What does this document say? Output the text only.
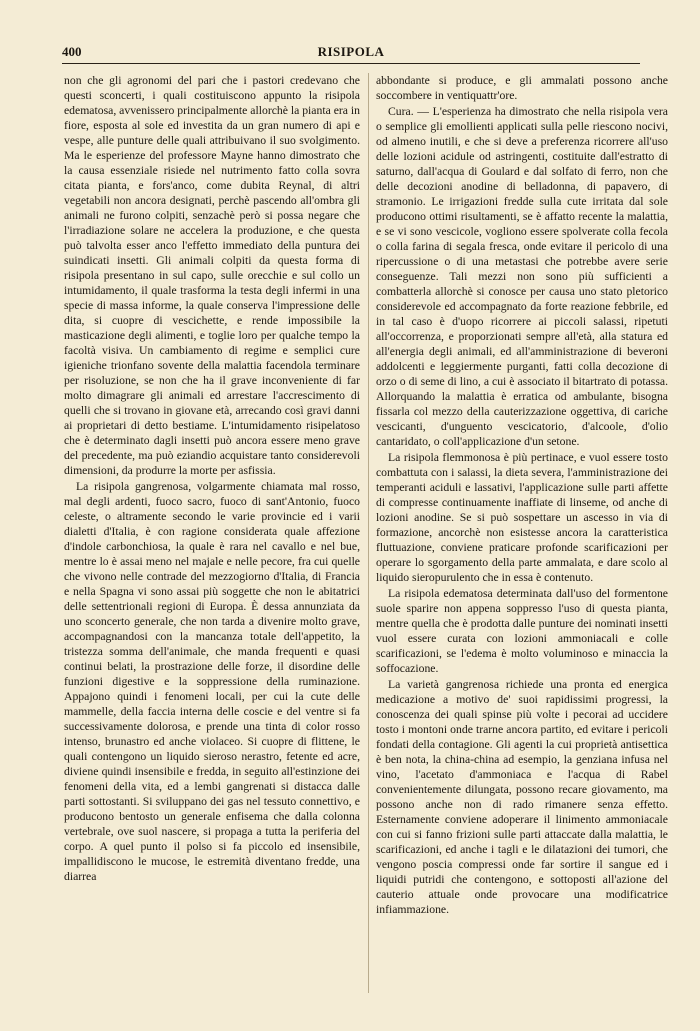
400	RISIPOLA

non che gli agronomi del pari che i pastori credevano che questi sconcerti, i quali costituiscono appunto la risipola edematosa, avvenissero principalmente allorchè la pianta era in fiore, esposta al sole ed investita da un gran numero di api e vespe, alle punture delle quali attribuivano il suo svolgimento. Ma le esperienze del professore Mayne hanno dimostrato che la causa essenziale risiede nel nutrimento fatto colla sovra citata pianta, e fors'anco, come dubita Reynal, di altri vegetabili non ancora designati, perchè pascendo all'ombra gli animali ne furono colpiti, senzachè però si possa negare che l'irradiazione solare ne accelera la produzione, e che questa può talvolta esser anco l'effetto immediato della puntura dei suindicati insetti. Gli animali colpiti da questa forma di risipola presentano in sul capo, sulle orecchie e sul collo un intumidamento, il quale trasforma la testa degli infermi in una specie di massa informe, la quale conserva l'impressione delle dita, si cuopre di vescichette, e rende impossibile la masticazione degli alimenti, e toglie loro per qualche tempo la facoltà visiva. Un cambiamento di regime e semplici cure igieniche trionfano sovente della malattia facendola terminare per risoluzione, se non che ha il grave inconveniente di far molto dimagrare gli animali ed arrestare l'accrescimento di quelli che si trovano in giovane età, arrecando così gravi danni ai proprietari di detto bestiame. L'intumidamento risipelatoso che è determinato dagli insetti può ancora essere meno grave del precedente, ma può eziandio acquistare tanto considerevoli dimensioni, da produrre la morte per asfissia.

La risipola gangrenosa, volgarmente chiamata mal rosso, mal degli ardenti, fuoco sacro, fuoco di sant'Antonio, fuoco celeste, o altramente secondo le varie provincie ed i varii dialetti d'Italia, è con ragione considerata quale affezione d'indole carbonchiosa, la quale è rara nel cavallo e nel bue, mentre lo è assai meno nel majale e nelle pecore, fra cui quelle che vivono nelle contrade del mezzogiorno d'Italia, di Francia e nella Spagna vi sono assai più soggette che non le abitatrici delle settentrionali regioni di Europa. È dessa annunziata da uno sconcerto generale, che non tarda a divenire molto grave, accompagnandosi con la mancanza totale dell'appetito, la tristezza somma dell'animale, che manda frequenti e quasi continui belati, la prostrazione delle forze, il disordine delle funzioni digestive e la soppressione della ruminazione. Appajono quindi i fenomeni locali, per cui la cute delle mammelle, della faccia interna delle coscie e del ventre si fa successivamente dolorosa, e prende una tinta di color rosso intenso, brunastro ed anche violaceo. Si cuopre di flittene, le quali contengono un liquido sieroso nerastro, fetente ed acre, diviene quindi insensibile e fredda, in seguito all'estinzione dei fenomeni della vita, ed a lembi gangrenati si distacca dalle parti sottostanti. Si sviluppano dei gas nel tessuto connettivo, e producono bentosto un generale enfisema che dalla colonna vertebrale, ove suol nascere, si propaga a tutta la periferia del corpo. A quel punto il polso si fa piccolo ed insensibile, impallidiscono le mucose, le estremità diventano fredde, una diarrea

abbondante si produce, e gli ammalati possono anche soccombere in ventiquattr'ore.

Cura. — L'esperienza ha dimostrato che nella risipola vera o semplice gli emollienti applicati sulla pelle riescono nocivi, od almeno inutili, e che si deve a preferenza ricorrere all'uso delle lozioni acidule od astringenti, costituite dall'estratto di saturno, dall'acqua di Goulard e dal solfato di ferro, non che delle decozioni anodine di belladonna, di papavero, di stramonio. Le irrigazioni fredde sulla cute irritata dal sole producono ottimi risultamenti, se è affatto recente la malattia, e se vi sono vescicole, vogliono essere spolverate colla fecola o colla farina di segala fresca, onde evitare il pericolo di una ripercussione o di una metastasi che potrebbe avere serie conseguenze. Tali mezzi non sono più sufficienti a combatterla allorchè si conosce per causa uno stato pletorico considerevole ed accompagnato da forte reazione febbrile, ed in tal caso è d'uopo ricorrere ai piccoli salassi, ripetuti all'occorrenza, e proporzionati sempre all'età, alla statura ed all'energia degli animali, ed all'amministrazione di beveroni addolcenti e leggiermente purganti, fatti colla decozione di orzo o di seme di lino, a cui è associato il bitartrato di potassa. Allorquando la malattia è erratica od ambulante, bisogna fissarla col mezzo della cauterizzazione oggettiva, di cariche vescicanti, d'unguento vescicatorio, d'alcoole, d'olio cantaridato, o coll'applicazione d'un setone.

La risipola flemmonosa è più pertinace, e vuol essere tosto combattuta con i salassi, la dieta severa, l'amministrazione dei temperanti aciduli e lassativi, l'applicazione sulle parti affette di compresse continuamente inaffiate di linseme, od anche di lozioni anodine. Se si può sospettare un ascesso in via di formazione, ancorchè non esistesse ancora la caratteristica fluttuazione, conviene praticare profonde scarificazioni per operare lo sgorgamento della parte ammalata, e dare scolo al liquido sieropurulento che in essa è contenuto.

La risipola edematosa determinata dall'uso del formentone suole sparire non appena soppresso l'uso di questa pianta, mentre quella che è prodotta dalle punture dei nominati insetti vuol essere curata con lozioni ammoniacali e colle scarificazioni, se l'edema è molto voluminoso e minaccia la soffocazione.

La varietà gangrenosa richiede una pronta ed energica medicazione a motivo de' suoi rapidissimi progressi, la conoscenza dei quali spinse più volte i pecorai ad uccidere tosto i montoni onde trarne ancora partito, ed evitare i pericoli fondati della contagione. Gli agenti la cui proprietà antisettica è ben nota, la china-china ad esempio, la genziana infusa nel vino, l'acetato d'ammoniaca e l'acqua di Rabel convenientemente dilungata, possono recare giovamento, ma possono anche non di rado rimanere senza effetto. Esternamente conviene adoperare il linimento ammoniacale con cui si fanno frizioni sulle parti attaccate dalla malattia, le scarificazioni, ed anche i tagli e le dilatazioni dei tumori, che vengono poscia compressi onde far sortire il sangue ed i liquidi putridi che contengono, e sottoposti all'azione del cauterio attuale onde provocare una modificatrice infiammazione.
